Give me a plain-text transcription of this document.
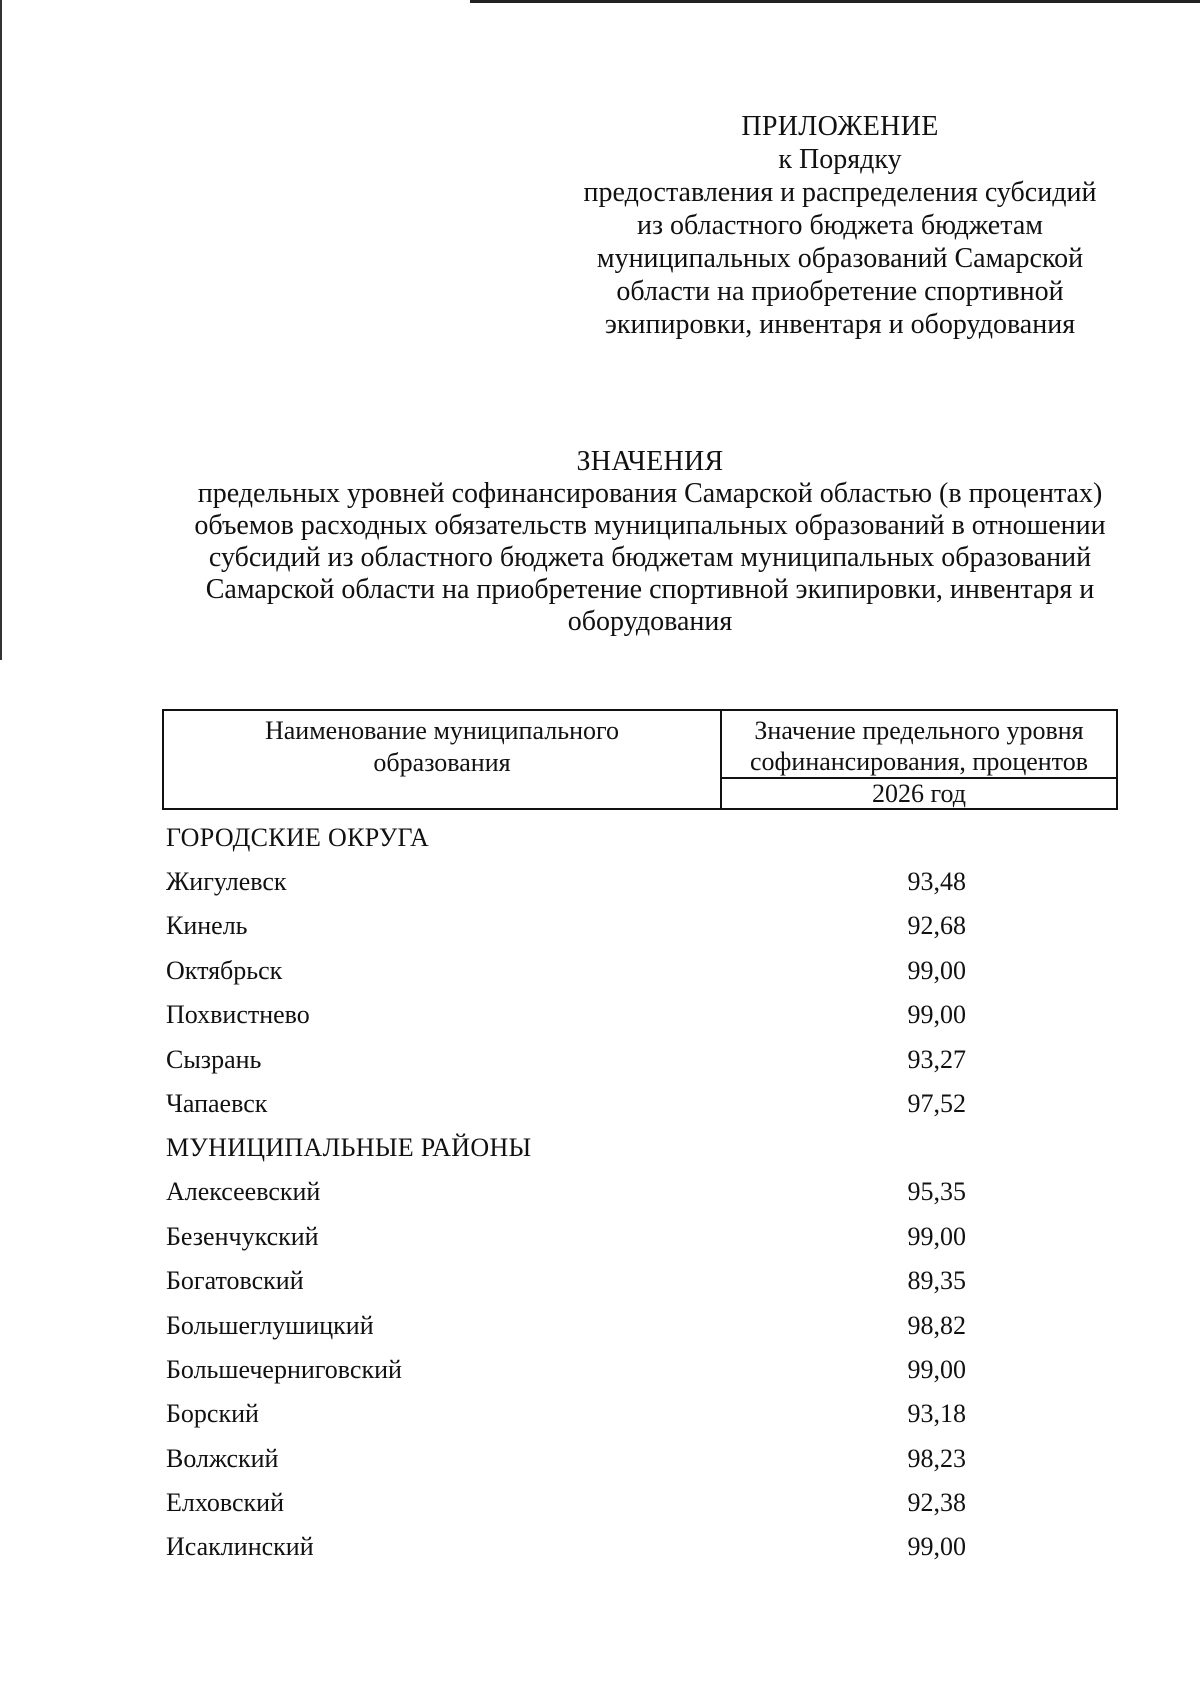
ПРИЛОЖЕНИЕ
к Порядку
предоставления и распределения субсидий
из областного бюджета бюджетам
муниципальных образований Самарской
области на приобретение спортивной
экипировки, инвентаря и оборудования
ЗНАЧЕНИЯ
предельных уровней софинансирования Самарской областью (в процентах)
объемов расходных обязательств муниципальных образований в отношении
субсидий из областного бюджета бюджетам муниципальных образований
Самарской области на приобретение спортивной экипировки, инвентаря и
оборудования
Наименование муниципального
образования
Значение предельного уровня
софинансирования, процентов
2026 год
ГОРОДСКИЕ ОКРУГА
Жигулевск	93,48
Кинель	92,68
Октябрьск	99,00
Похвистнево	99,00
Сызрань	93,27
Чапаевск	97,52
МУНИЦИПАЛЬНЫЕ РАЙОНЫ
Алексеевский	95,35
Безенчукский	99,00
Богатовский	89,35
Большеглушицкий	98,82
Большечерниговский	99,00
Борский	93,18
Волжский	98,23
Елховский	92,38
Исаклинский	99,00
